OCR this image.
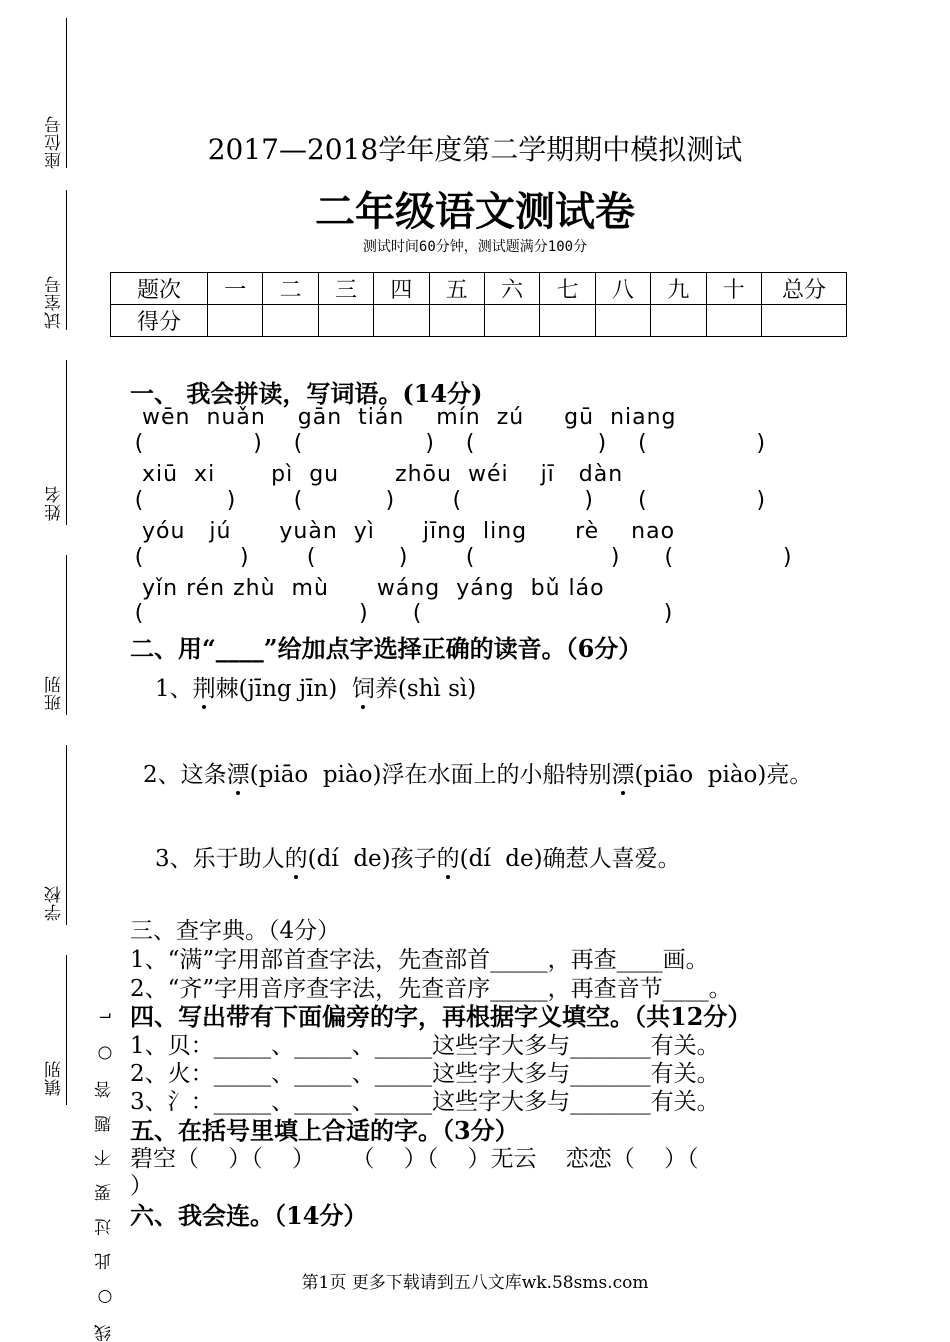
座位号
试室号
姓名
班别
学校
镇别 线 ○ 此 过 要 不 题 答 ○ ⌐
2017—2018学年度第二学期期中模拟测试
二年级语文测试卷
测试时间60分钟，测试题满分100分
题次	一	二	三	四	五	六	七	八	九	十	总分
得分											
一、 我会拼读，写词语。(14分)
wēn  nuǎn    gān  tián    mín  zú     gū  niang
(        )  (         )  (         )  (        )
xiū  xi       pì  gu       zhōu  wéi    jī   dàn
(      )    (      )    (         )   (        )
yóu   jú      yuàn  yì      jīng  ling      rè    nao
(       )    (      )    (          )   (        )
yǐn rén zhù  mù      wáng  yáng  bǔ láo
(                )   (                  )
二、用“____”给加点字选择正确的读音。（6分）
1、荆棘(jīng jīn)  饲养(shì sì)
2、这条漂(piāo  piào)浮在水面上的小船特别漂(piāo  piào)亮。
3、乐于助人的(dí  de)孩子的(dí  de)确惹人喜爱。
三、查字典。（4分）
1、“满”字用部首查字法，先查部首_____，再查____画。
2、“齐”字用音序查字法，先查音序_____，再查音节____。
四、写出带有下面偏旁的字，再根据字义填空。（共12分）
1、贝：_____、_____、_____这些字大多与_______有关。
2、火：_____、_____、_____这些字大多与_______有关。
3、氵：_____、_____、_____这些字大多与_______有关。
五、在括号里填上合适的字。（3分）
碧空（    ）（    ）     （    ）（    ）无云    恋恋（    ）（
）
六、我会连。（14分）
第1页 更多下载请到五八文库wk.58sms.com
